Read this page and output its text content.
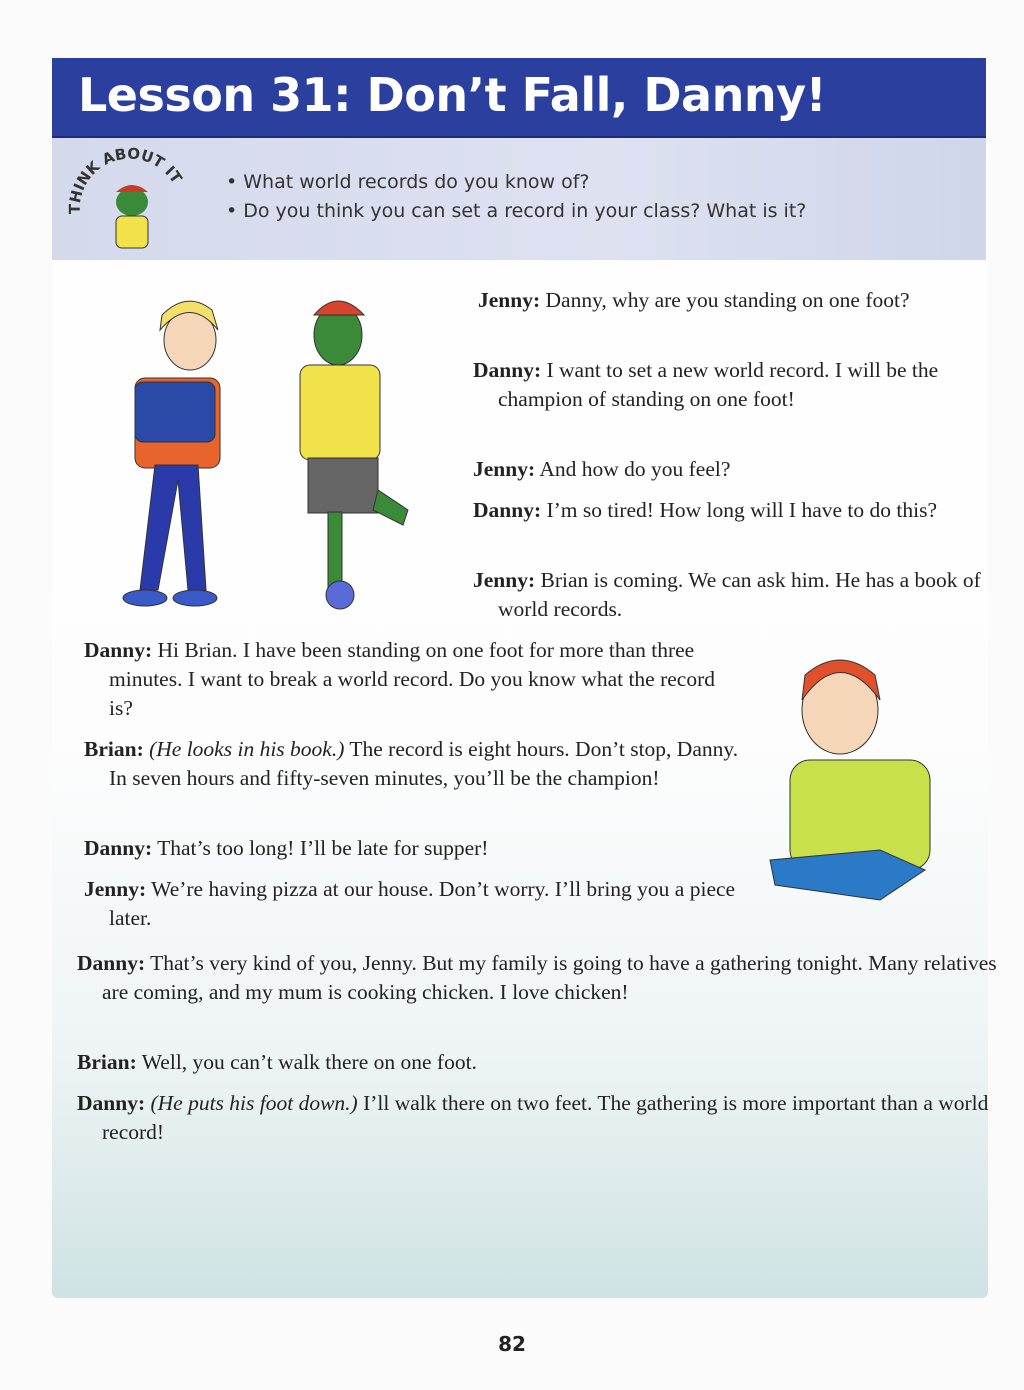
Lesson 31: Don’t Fall, Danny!
THINK ABOUT IT	• What world records do you know of?
• Do you think you can set a record in your class? What is it?
Jenny: Danny, why are you standing on one foot?
Danny: I want to set a new world record. I will be the champion of standing on one foot!
Jenny: And how do you feel?
Danny: I’m so tired! How long will I have to do this?
Jenny: Brian is coming. We can ask him. He has a book of world records.
Danny: Hi Brian. I have been standing on one foot for more than three minutes. I want to break a world record. Do you know what the record is?
Brian: (He looks in his book.) The record is eight hours. Don’t stop, Danny. In seven hours and fifty-seven minutes, you’ll be the champion!
Danny: That’s too long! I’ll be late for supper!
Jenny: We’re having pizza at our house. Don’t worry. I’ll bring you a piece later.
Danny: That’s very kind of you, Jenny. But my family is going to have a gathering tonight. Many relatives are coming, and my mum is cooking chicken. I love chicken!
Brian: Well, you can’t walk there on one foot.
Danny: (He puts his foot down.) I’ll walk there on two feet. The gathering is more important than a world record!
82
